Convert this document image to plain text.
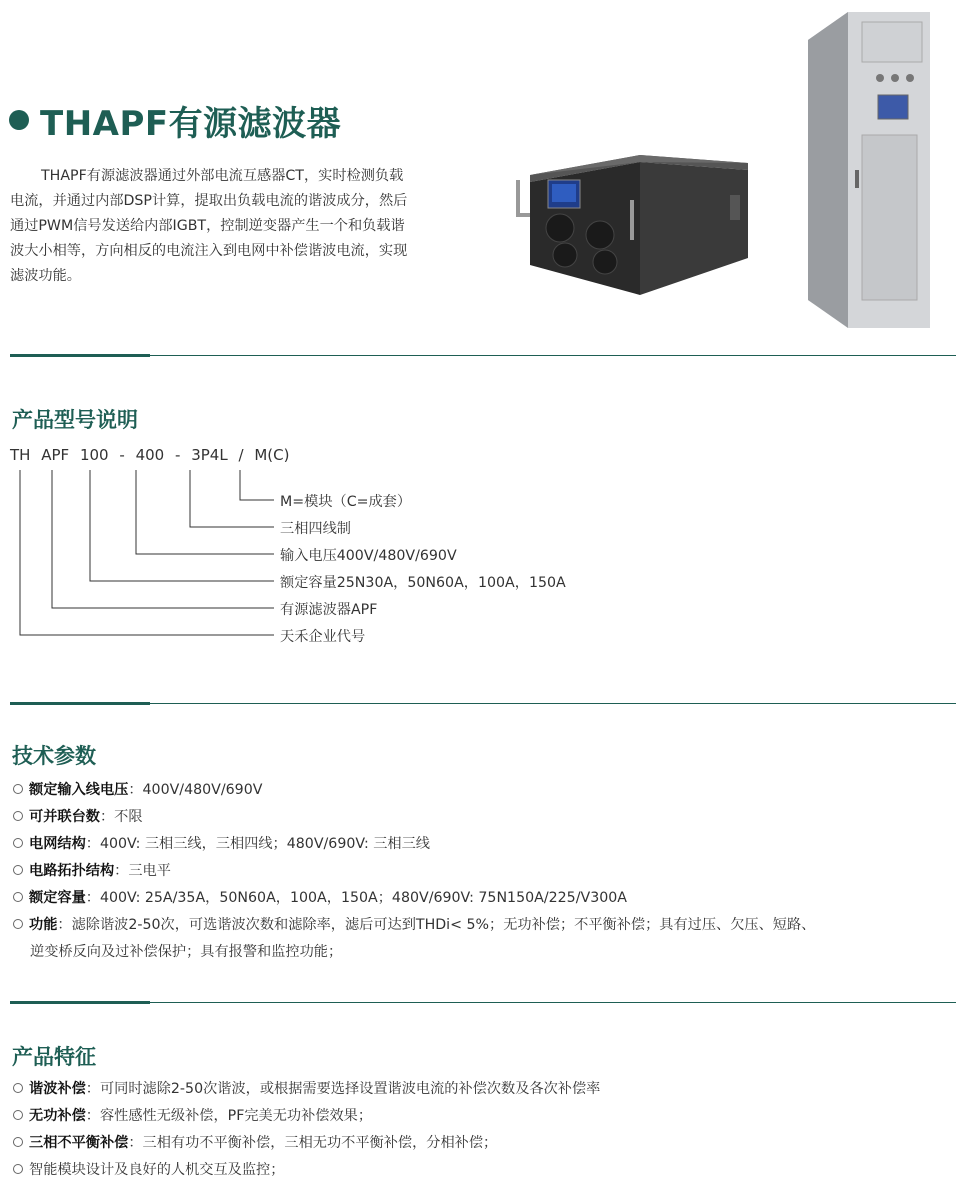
THAPF有源滤波器
THAPF有源滤波器通过外部电流互感器CT，实时检测负载
电流，并通过内部DSP计算，提取出负载电流的谐波成分，然后
通过PWM信号发送给内部IGBT，控制逆变器产生一个和负载谐
波大小相等，方向相反的电流注入到电网中补偿谐波电流，实现
滤波功能。
产品型号说明
TH APF 100 - 400 - 3P4L / M(C)
M=模块（C=成套）
三相四线制
输入电压400V/480V/690V
额定容量25N30A，50N60A，100A，150A
有源滤波器APF
天禾企业代号
技术参数
额定输入线电压：400V/480V/690V
可并联台数：不限
电网结构：400V: 三相三线，三相四线；480V/690V: 三相三线
电路拓扑结构：三电平
额定容量：400V: 25A/35A，50N60A，100A，150A；480V/690V: 75N150A/225/V300A
功能：滤除谐波2-50次，可选谐波次数和滤除率，滤后可达到THDi< 5%；无功补偿；不平衡补偿；具有过压、欠压、短路、
逆变桥反向及过补偿保护；具有报警和监控功能；
产品特征
谐波补偿：可同时滤除2-50次谐波，或根据需要选择设置谐波电流的补偿次数及各次补偿率
无功补偿：容性感性无级补偿，PF完美无功补偿效果；
三相不平衡补偿：三相有功不平衡补偿，三相无功不平衡补偿，分相补偿；
智能模块设计及良好的人机交互及监控；
